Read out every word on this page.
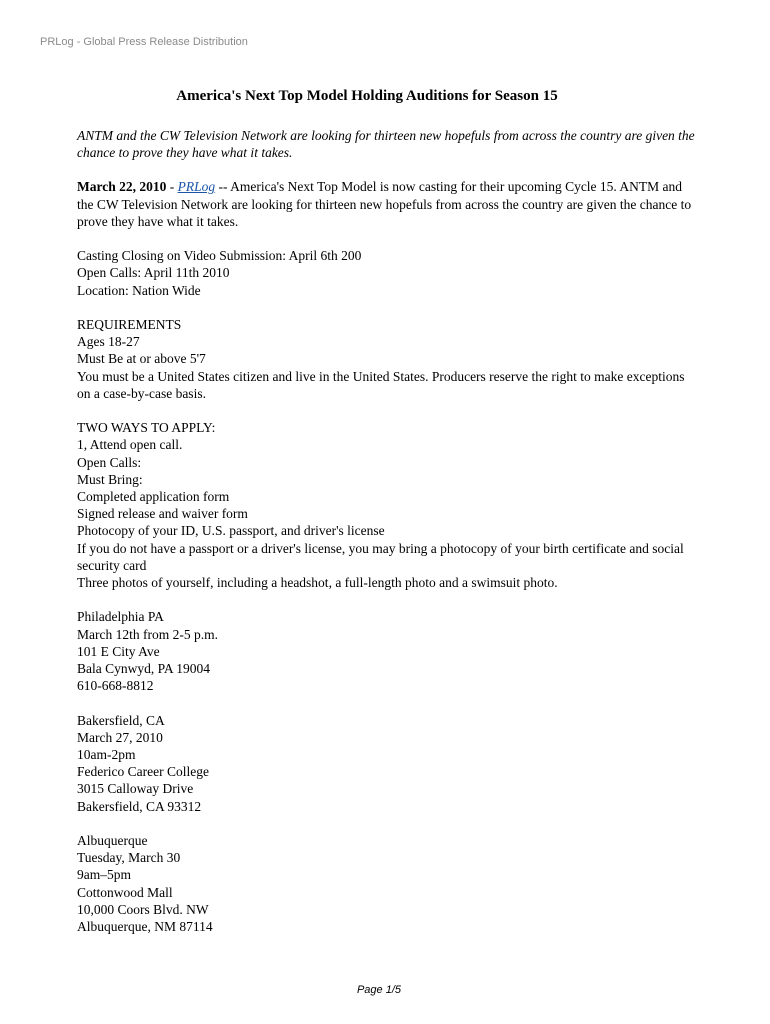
PRLog - Global Press Release Distribution
America's Next Top Model Holding Auditions for Season 15

ANTM and the CW Television Network are looking for thirteen new hopefuls from across the country are given the chance to prove they have what it takes.

March 22, 2010 - PRLog -- America's Next Top Model is now casting for their upcoming Cycle 15. ANTM and the CW Television Network are looking for thirteen new hopefuls from across the country are given the chance to prove they have what it takes.

Casting Closing on Video Submission: April 6th 200
Open Calls: April 11th 2010
Location: Nation Wide
REQUIREMENTS
Ages 18-27
Must Be at or above 5'7
You must be a United States citizen and live in the United States. Producers reserve the right to make exceptions on a case-by-case basis.
TWO WAYS TO APPLY:
1, Attend open call.
Open Calls:
Must Bring:
Completed application form
Signed release and waiver form
Photocopy of your ID, U.S. passport, and driver's license
If you do not have a passport or a driver's license, you may bring a photocopy of your birth certificate and social security card
Three photos of yourself, including a headshot, a full-length photo and a swimsuit photo.
Philadelphia PA
March 12th from 2-5 p.m.
101 E City Ave
Bala Cynwyd, PA 19004
610-668-8812
Bakersfield, CA
March 27, 2010
10am-2pm
Federico Career College
3015 Calloway Drive
Bakersfield, CA 93312
Albuquerque
Tuesday, March 30
9am–5pm
Cottonwood Mall
10,000 Coors Blvd. NW
Albuquerque, NM 87114
Page 1/5
